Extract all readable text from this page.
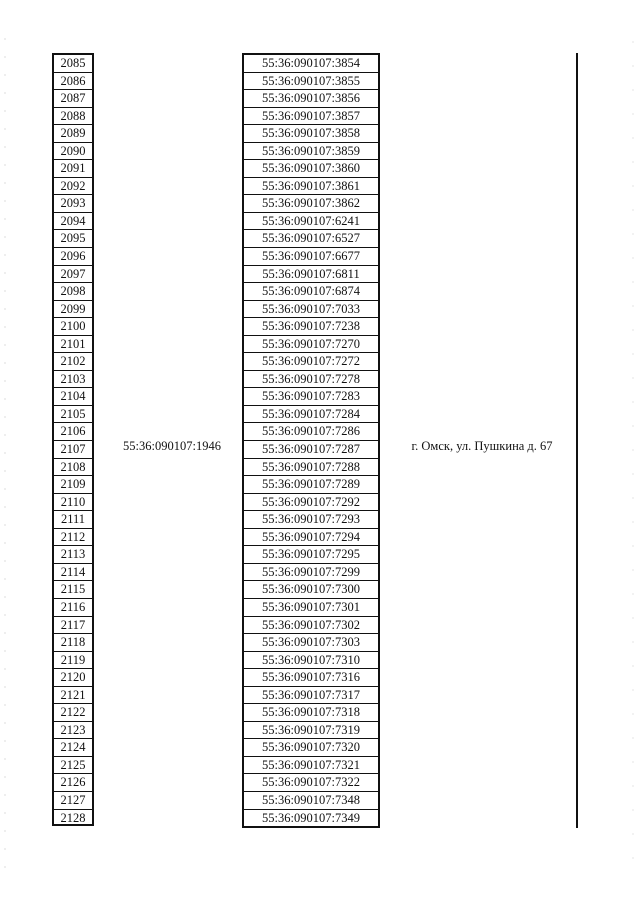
2085
2086
2087
2088
2089
2090
2091
2092
2093
2094
2095
2096
2097
2098
2099
2100
2101
2102
2103
2104
2105
2106
2107
2108
2109
2110
2111
2112
2113
2114
2115
2116
2117
2118
2119
2120
2121
2122
2123
2124
2125
2126
2127
2128
55:36:090107:1946
55:36:090107:3854
55:36:090107:3855
55:36:090107:3856
55:36:090107:3857
55:36:090107:3858
55:36:090107:3859
55:36:090107:3860
55:36:090107:3861
55:36:090107:3862
55:36:090107:6241
55:36:090107:6527
55:36:090107:6677
55:36:090107:6811
55:36:090107:6874
55:36:090107:7033
55:36:090107:7238
55:36:090107:7270
55:36:090107:7272
55:36:090107:7278
55:36:090107:7283
55:36:090107:7284
55:36:090107:7286
55:36:090107:7287
55:36:090107:7288
55:36:090107:7289
55:36:090107:7292
55:36:090107:7293
55:36:090107:7294
55:36:090107:7295
55:36:090107:7299
55:36:090107:7300
55:36:090107:7301
55:36:090107:7302
55:36:090107:7303
55:36:090107:7310
55:36:090107:7316
55:36:090107:7317
55:36:090107:7318
55:36:090107:7319
55:36:090107:7320
55:36:090107:7321
55:36:090107:7322
55:36:090107:7348
55:36:090107:7349
г. Омск, ул. Пушкина д. 67
